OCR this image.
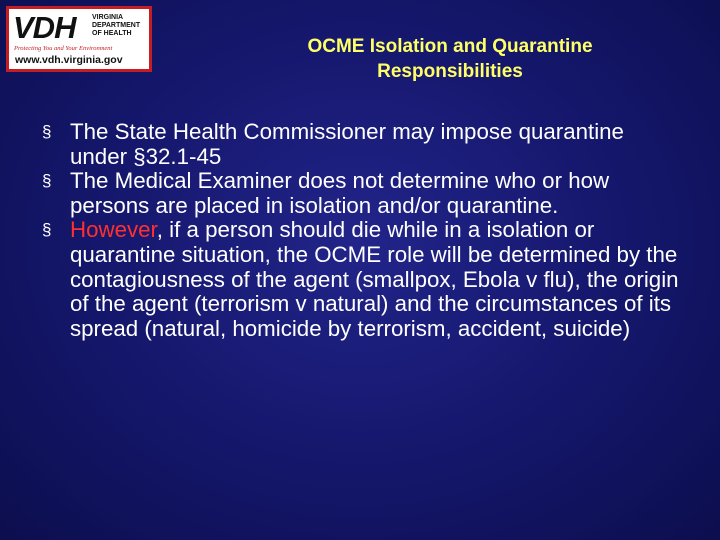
VDH VIRGINIA
DEPARTMENT
OF HEALTH
Protecting You and Your Environment
www.vdh.virginia.gov
OCME Isolation and Quarantine
Responsibilities
§ The State Health Commissioner may impose quarantine under §32.1-45
§ The Medical Examiner does not determine who or how persons are placed in isolation and/or quarantine.
§ However, if a person should die while in a isolation or quarantine situation, the OCME role will be determined by the contagiousness of the agent (smallpox, Ebola v flu), the origin of the agent (terrorism v natural) and the circumstances of its spread (natural, homicide by terrorism, accident, suicide)
